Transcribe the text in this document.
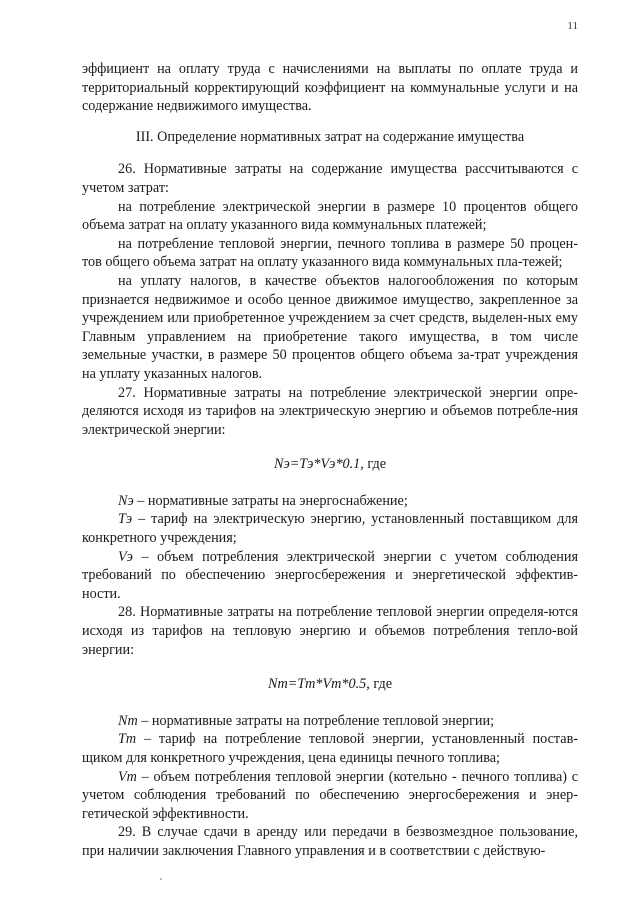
11

эффициент на оплату труда с начислениями на выплаты по оплате труда и территориальный корректирующий коэффициент на коммунальные услуги и на содержание недвижимого имущества.

III. Определение нормативных затрат на содержание имущества

26. Нормативные затраты на содержание имущества рассчитываются с учетом затрат:

на потребление электрической энергии в размере 10 процентов общего объема затрат на оплату указанного вида коммунальных платежей;

на потребление тепловой энергии, печного топлива в размере 50 процен-тов общего объема затрат на оплату указанного вида коммунальных пла-тежей;

на уплату налогов, в качестве объектов налогообложения по которым признается недвижимое и особо ценное движимое имущество, закрепленное за учреждением или приобретенное учреждением за счет средств, выделен-ных ему Главным управлением на приобретение такого имущества, в том числе земельные участки, в размере 50 процентов общего объема за-трат учреждения на уплату указанных налогов.

27. Нормативные затраты на потребление электрической энергии опре-деляются исходя из тарифов на электрическую энергию и объемов потребле-ния электрической энергии:

Nэ=Tэ*Vэ*0.1, где

Nэ – нормативные затраты на энергоснабжение;

Tэ – тариф на электрическую энергию, установленный поставщиком для конкретного учреждения;

Vэ – объем потребления электрической энергии с учетом соблюдения требований по обеспечению энергосбережения и энергетической эффектив-ности.

28. Нормативные затраты на потребление тепловой энергии определя-ются исходя из тарифов на тепловую энергию и объемов потребления тепло-вой энергии:

Nт=Tт*Vт*0.5, где

Nт – нормативные затраты на потребление тепловой энергии;

Tт – тариф на потребление тепловой энергии, установленный постав-щиком для конкретного учреждения, цена единицы печного топлива;

Vт – объем потребления тепловой энергии (котельно - печного топлива) с учетом соблюдения требований по обеспечению энергосбережения и энер-гетической эффективности.

29. В случае сдачи в аренду или передачи в безвозмездное пользование, при наличии заключения Главного управления и в соответствии с действую-
